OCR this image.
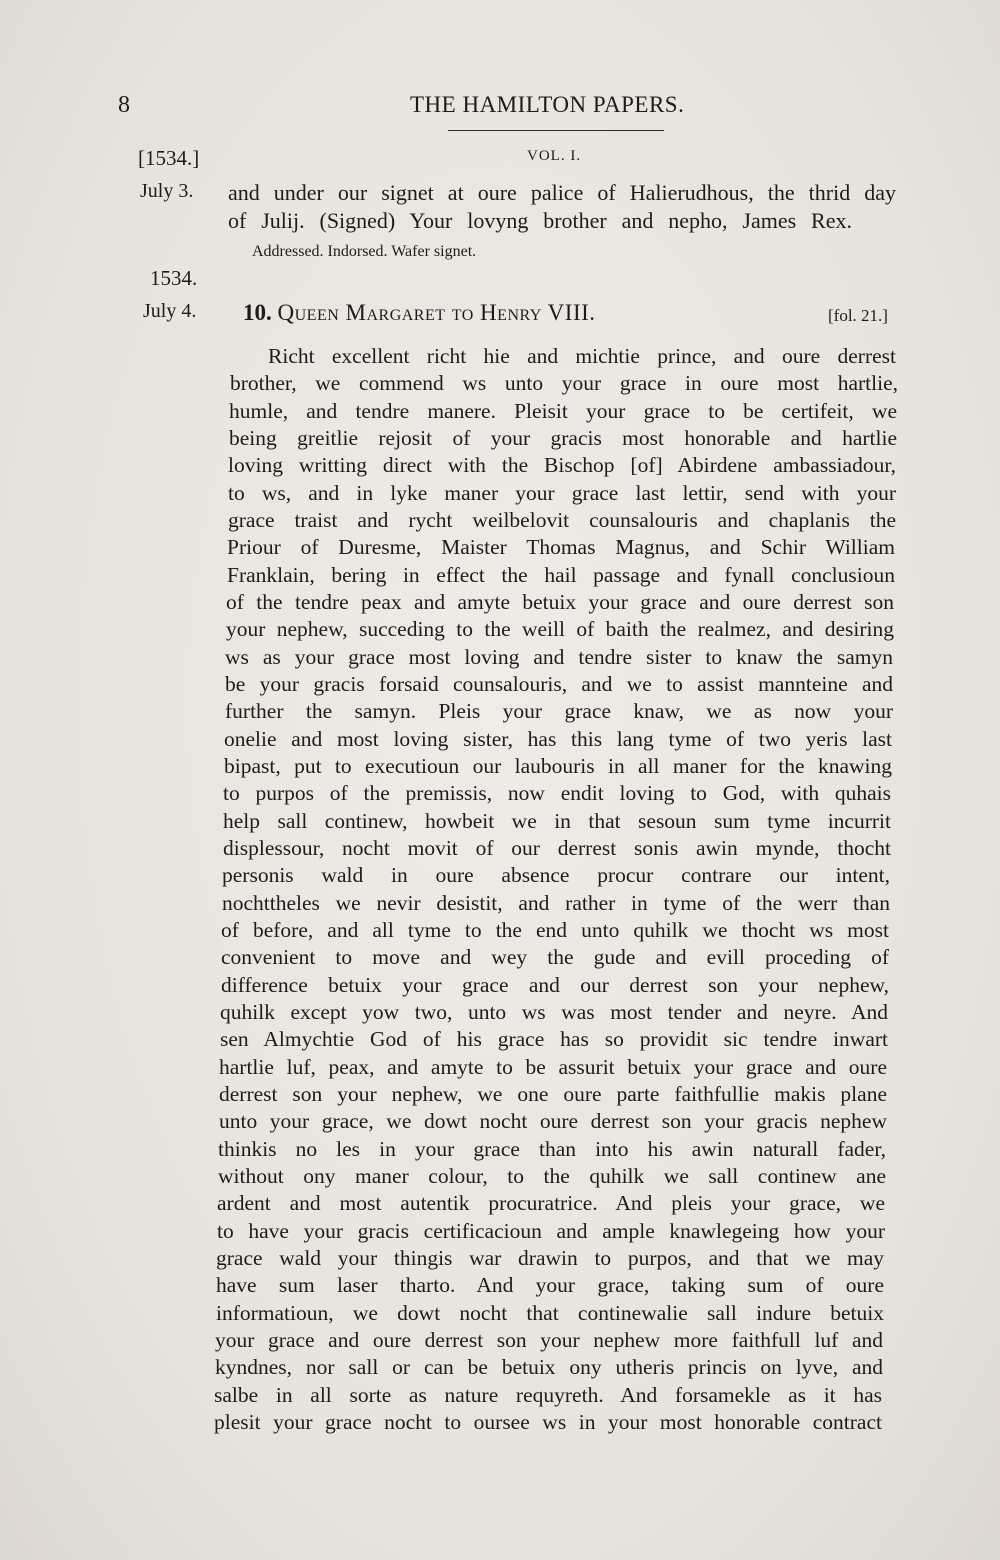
8	THE HAMILTON PAPERS.
[1534.]	VOL. I.
July 3. and under our signet at oure palice of Halierudhous, the thrid day
of Julij. (Signed) Your lovyng brother and nepho, James Rex.
Addressed. Indorsed. Wafer signet.
1534.
July 4. 10. Queen Margaret to Henry VIII.	[fol. 21.]
Richt excellent richt hie and michtie prince, and oure derrest
brother, we commend ws unto your grace in oure most hartlie,
humle, and tendre manere. Pleisit your grace to be certifeit, we
being greitlie rejosit of your gracis most honorable and hartlie
loving writting direct with the Bischop [of] Abirdene ambassiadour,
to ws, and in lyke maner your grace last lettir, send with your
grace traist and rycht weilbelovit counsalouris and chaplanis the
Priour of Duresme, Maister Thomas Magnus, and Schir William
Franklain, bering in effect the hail passage and fynall conclusioun
of the tendre peax and amyte betuix your grace and oure derrest son
your nephew, succeding to the weill of baith the realmez, and desiring
ws as your grace most loving and tendre sister to knaw the samyn
be your gracis forsaid counsalouris, and we to assist mannteine and
further the samyn. Pleis your grace knaw, we as now your
onelie and most loving sister, has this lang tyme of two yeris last
bipast, put to executioun our laubouris in all maner for the knawing
to purpos of the premissis, now endit loving to God, with quhais
help sall continew, howbeit we in that sesoun sum tyme incurrit
displessour, nocht movit of our derrest sonis awin mynde, thocht
personis wald in oure absence procur contrare our intent,
nochttheles we nevir desistit, and rather in tyme of the werr than
of before, and all tyme to the end unto quhilk we thocht ws most
convenient to move and wey the gude and evill proceding of
difference betuix your grace and our derrest son your nephew,
quhilk except yow two, unto ws was most tender and neyre. And
sen Almychtie God of his grace has so providit sic tendre inwart
hartlie luf, peax, and amyte to be assurit betuix your grace and oure
derrest son your nephew, we one oure parte faithfullie makis plane
unto your grace, we dowt nocht oure derrest son your gracis nephew
thinkis no les in your grace than into his awin naturall fader,
without ony maner colour, to the quhilk we sall continew ane
ardent and most autentik procuratrice. And pleis your grace, we
to have your gracis certificacioun and ample knawlegeing how your
grace wald your thingis war drawin to purpos, and that we may
have sum laser tharto. And your grace, taking sum of oure
informatioun, we dowt nocht that continewalie sall indure betuix
your grace and oure derrest son your nephew more faithfull luf and
kyndnes, nor sall or can be betuix ony utheris princis on lyve, and
salbe in all sorte as nature requyreth. And forsamekle as it has
plesit your grace nocht to oursee ws in your most honorable contract
